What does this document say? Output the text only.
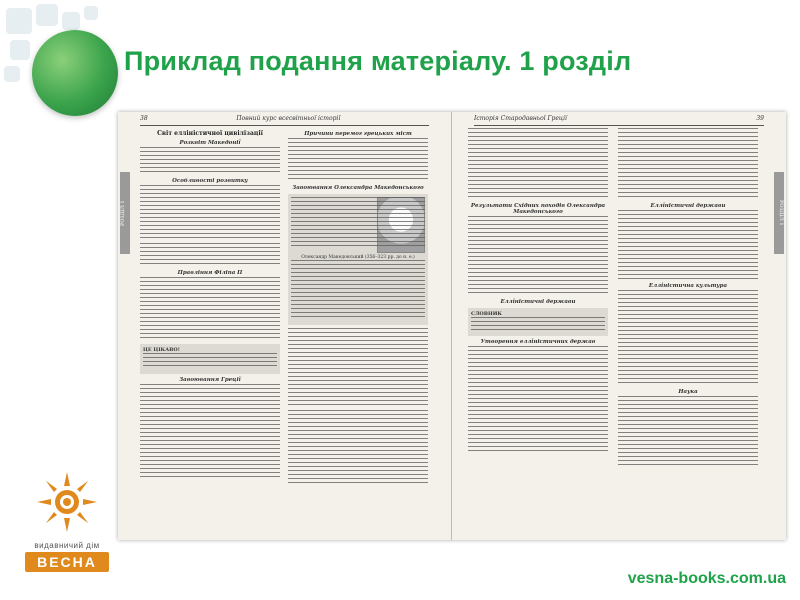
Приклад подання матеріалу. 1 розділ
38	Повний курс всесвітньої історії
РОЗДІЛ 1
Світ еллiністичної цивілізації
Розквіт Македонії
Особливості розвитку
Правління Філіпа II
ЦЕ ЦІКАВО!
Завоювання Греції
Причини перемог грецьких міст
Завоювання Олександра Македонського
Олександр Македонський (356–323 рр. до н. е.)
Історія Стародавньої Греції	39
РОЗДІЛ 1
Результати Східних походів Олександра Македонського
Еллiністичні держави
СЛОВНИК
Утворення еллiністичних держав
Еллiністичні держави
Еллiністична культура
Наука
видавничий дім
ВЕСНА
vesna-books.com.ua
